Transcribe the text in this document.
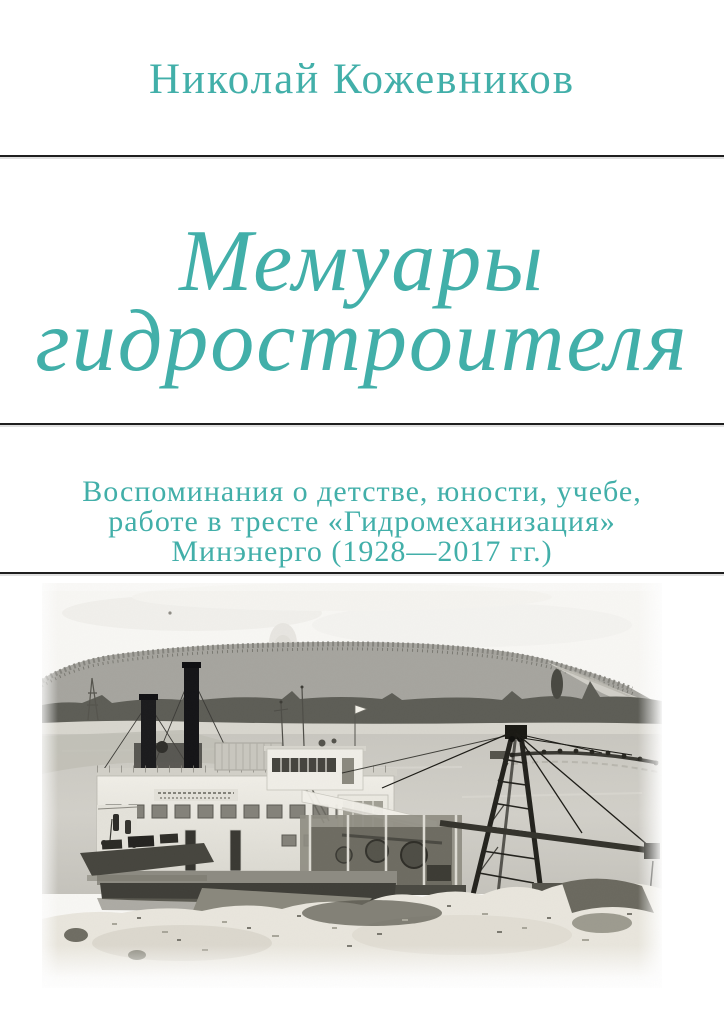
Николай Кожевников
Мемуары
гидростроителя
Воспоминания о детстве, юности, учебе,
работе в тресте «Гидромеханизация»
Минэнерго (1928—2017 гг.)
